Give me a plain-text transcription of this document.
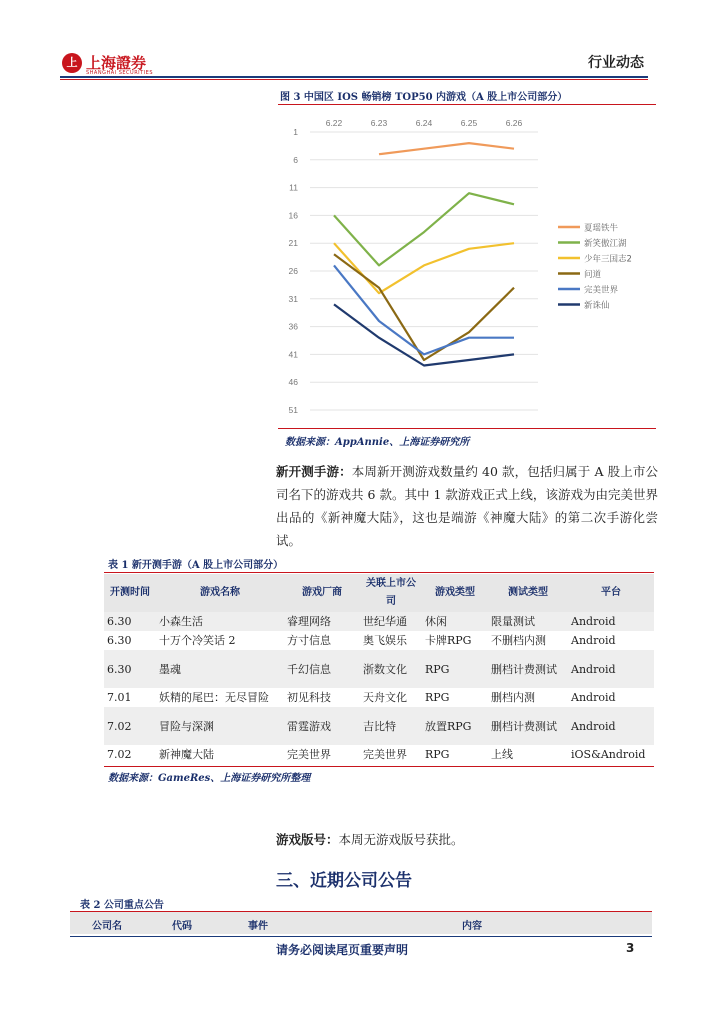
上 上海證券
SHANGHAI SECURITIES
行业动态
图 3 中国区 IOS 畅销榜 TOP50 内游戏（A 股上市公司部分）
6.22	6.23	6.24	6.25	6.26
1
6
11
16
21
26
31
36
41
46
51
夏瑶铁牛
新笑傲江湖
少年三国志2
问道
完美世界
新诛仙
数据来源：AppAnnie、上海证券研究所
新开测手游：本周新开测游戏数量约 40 款，包括归属于 A 股上市公司名下的游戏共 6 款。其中 1 款游戏正式上线，该游戏为由完美世界出品的《新神魔大陆》，这也是端游《神魔大陆》的第二次手游化尝试。
表 1 新开测手游（A 股上市公司部分）
开测时间	游戏名称	游戏厂商	关联上市公司	游戏类型	测试类型	平台
6.30	小森生活	睿理网络	世纪华通	休闲	限量测试	Android
6.30	十万个冷笑话 2	方寸信息	奥飞娱乐	卡牌RPG	不删档内测	Android
6.30	墨魂	千幻信息	浙数文化	RPG	删档计费测试	Android
7.01	妖精的尾巴：无尽冒险	初见科技	天舟文化	RPG	删档内测	Android
7.02	冒险与深渊	雷霆游戏	吉比特	放置RPG	删档计费测试	Android
7.02	新神魔大陆	完美世界	完美世界	RPG	上线	iOS&Android
数据来源：GameRes、上海证券研究所整理
游戏版号：本周无游戏版号获批。
三、近期公司公告
表 2 公司重点公告
公司名	代码	事件	内容
请务必阅读尾页重要声明	3
